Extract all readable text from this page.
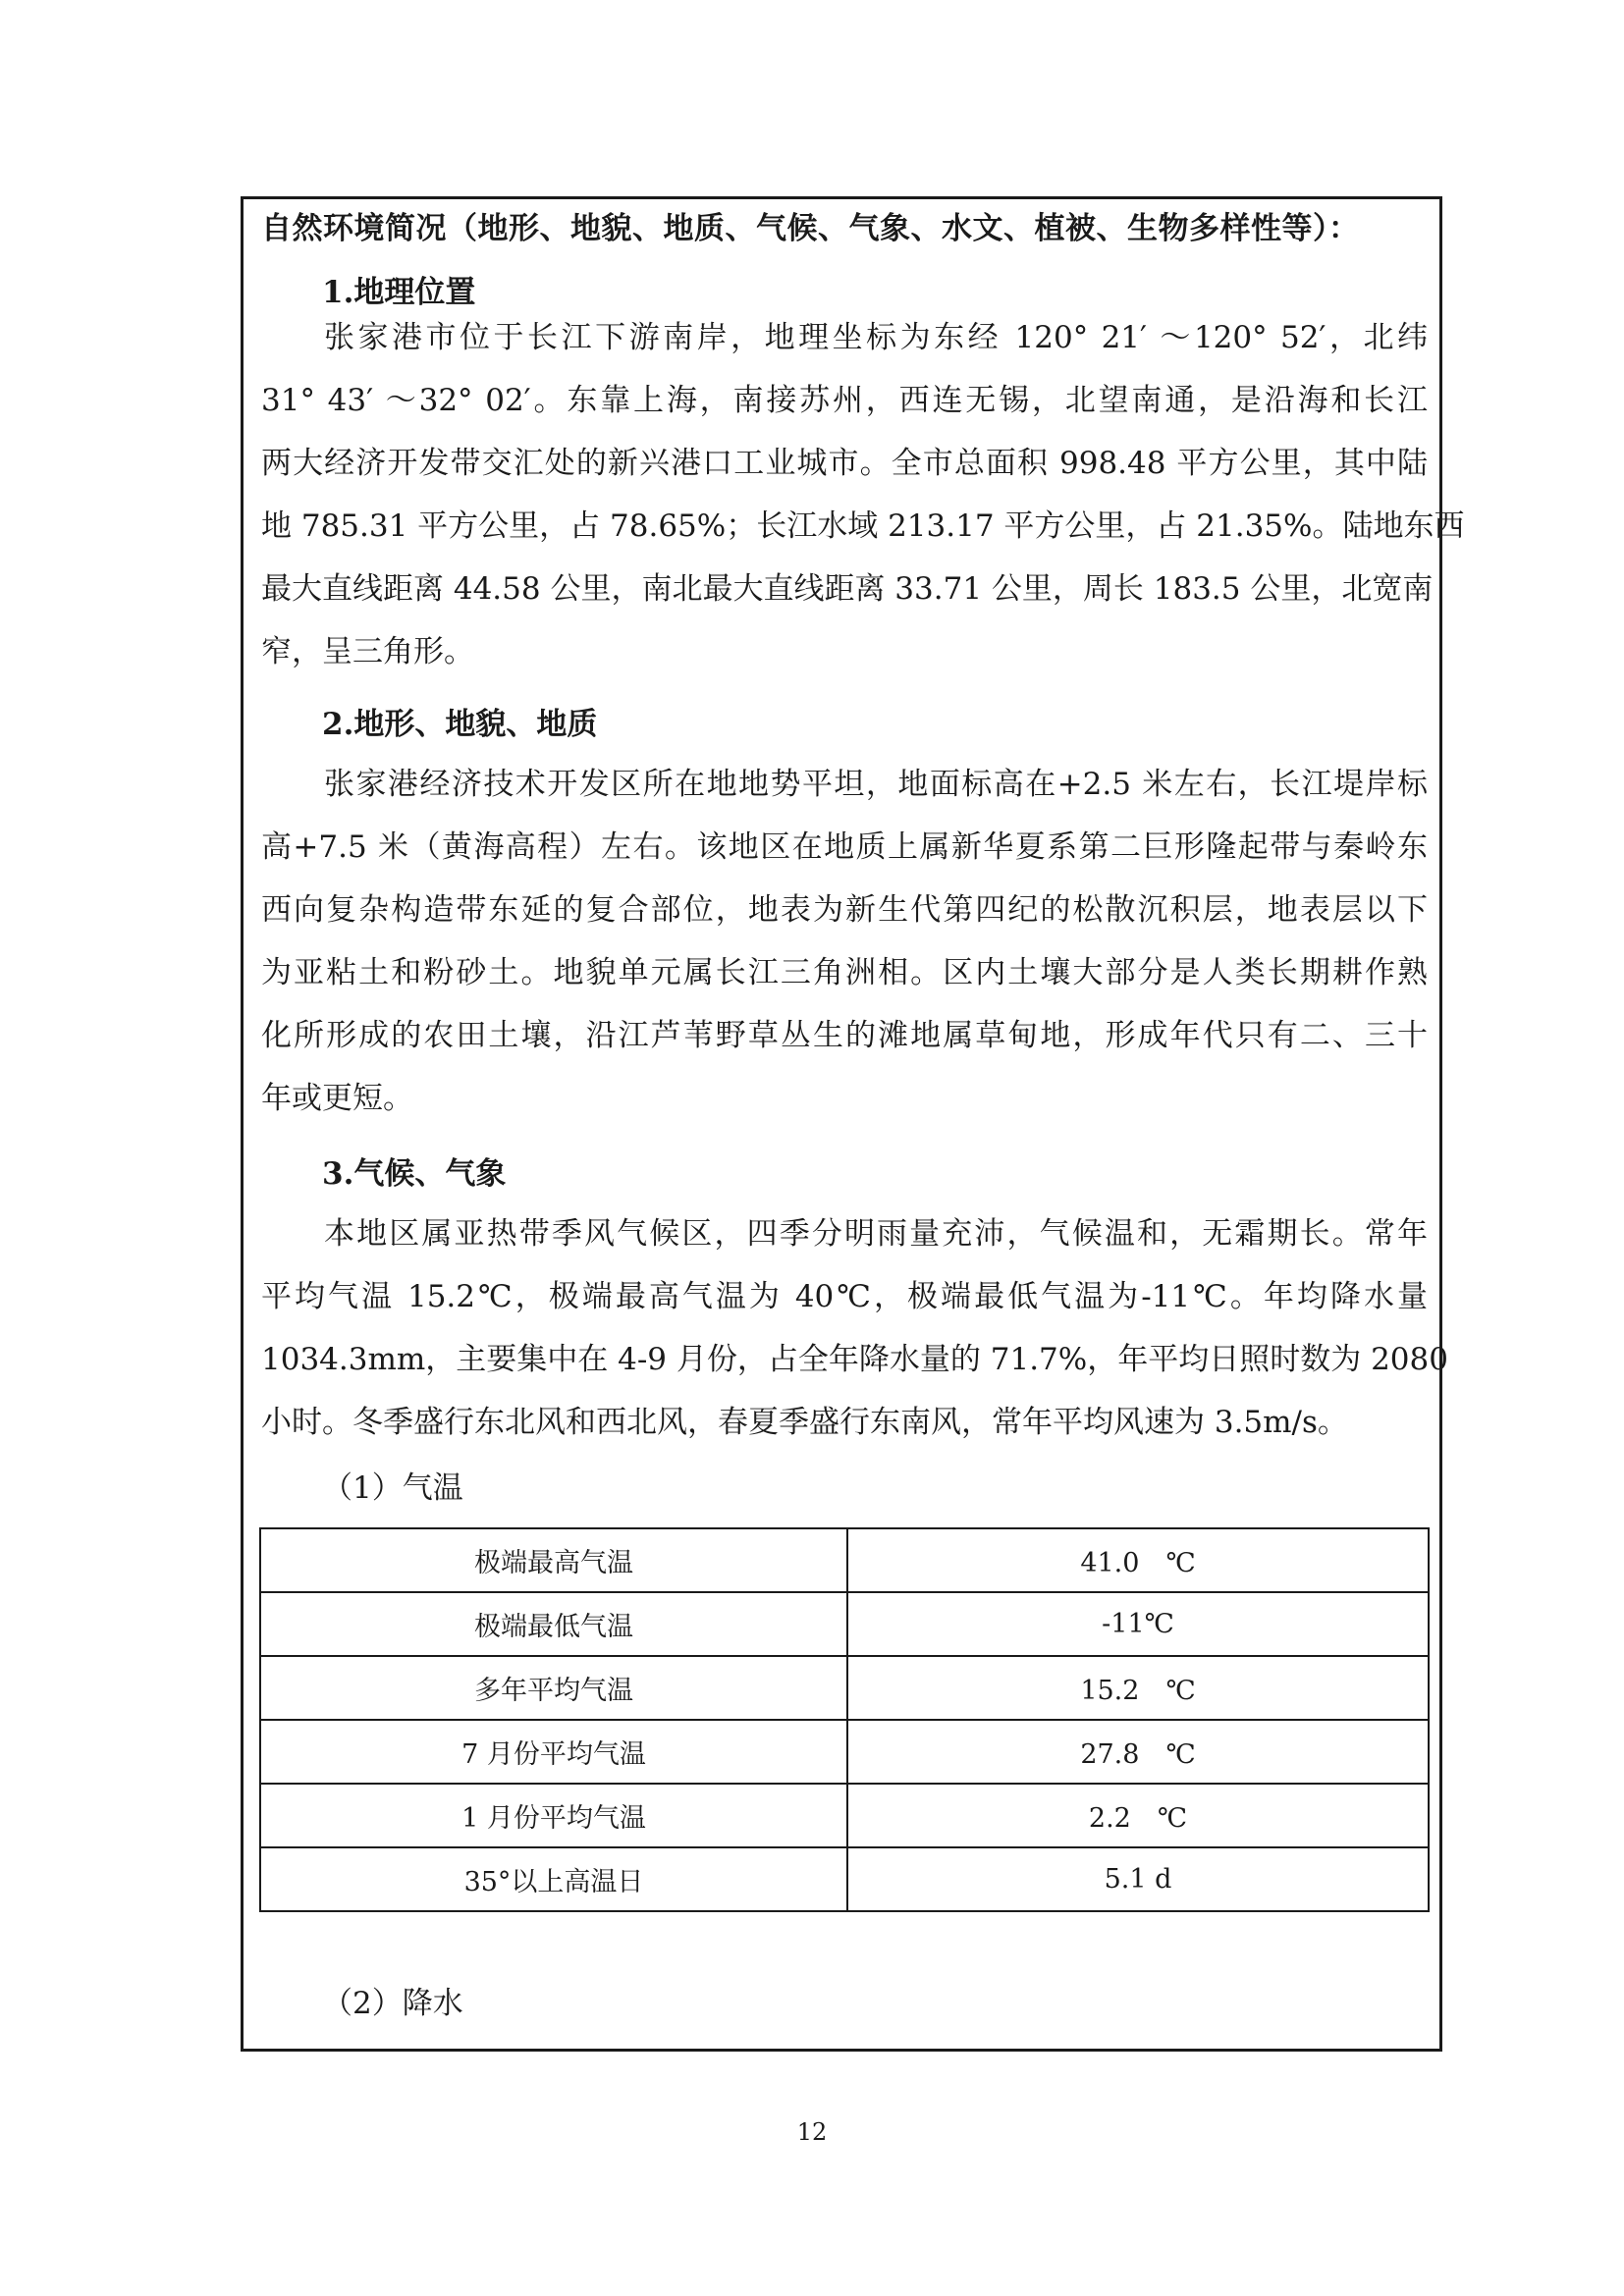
自然环境简况（地形、地貌、地质、气候、气象、水文、植被、生物多样性等）：
1.地理位置
张家港市位于长江下游南岸，地理坐标为东经 120° 21′ ～120° 52′，北纬
31° 43′ ～32° 02′。东靠上海，南接苏州，西连无锡，北望南通，是沿海和长江
两大经济开发带交汇处的新兴港口工业城市。全市总面积 998.48 平方公里，其中陆
地 785.31 平方公里，占 78.65%；长江水域 213.17 平方公里，占 21.35%。陆地东西
最大直线距离 44.58 公里，南北最大直线距离 33.71 公里，周长 183.5 公里，北宽南
窄，呈三角形。
2.地形、地貌、地质
张家港经济技术开发区所在地地势平坦，地面标高在+2.5 米左右，长江堤岸标
高+7.5 米（黄海高程）左右。该地区在地质上属新华夏系第二巨形隆起带与秦岭东
西向复杂构造带东延的复合部位，地表为新生代第四纪的松散沉积层，地表层以下
为亚粘土和粉砂土。地貌单元属长江三角洲相。区内土壤大部分是人类长期耕作熟
化所形成的农田土壤，沿江芦苇野草丛生的滩地属草甸地，形成年代只有二、三十
年或更短。
3.气候、气象
本地区属亚热带季风气候区，四季分明雨量充沛，气候温和，无霜期长。常年
平均气温 15.2℃，极端最高气温为 40℃，极端最低气温为-11℃。年均降水量
1034.3mm，主要集中在 4-9 月份，占全年降水量的 71.7%，年平均日照时数为 2080
小时。冬季盛行东北风和西北风，春夏季盛行东南风，常年平均风速为 3.5m/s。
（1）气温
极端最高气温	41.0　℃
极端最低气温	-11℃
多年平均气温	15.2　℃
7 月份平均气温	27.8　℃
1 月份平均气温	2.2　℃
35°以上高温日	5.1 d
（2）降水
12
